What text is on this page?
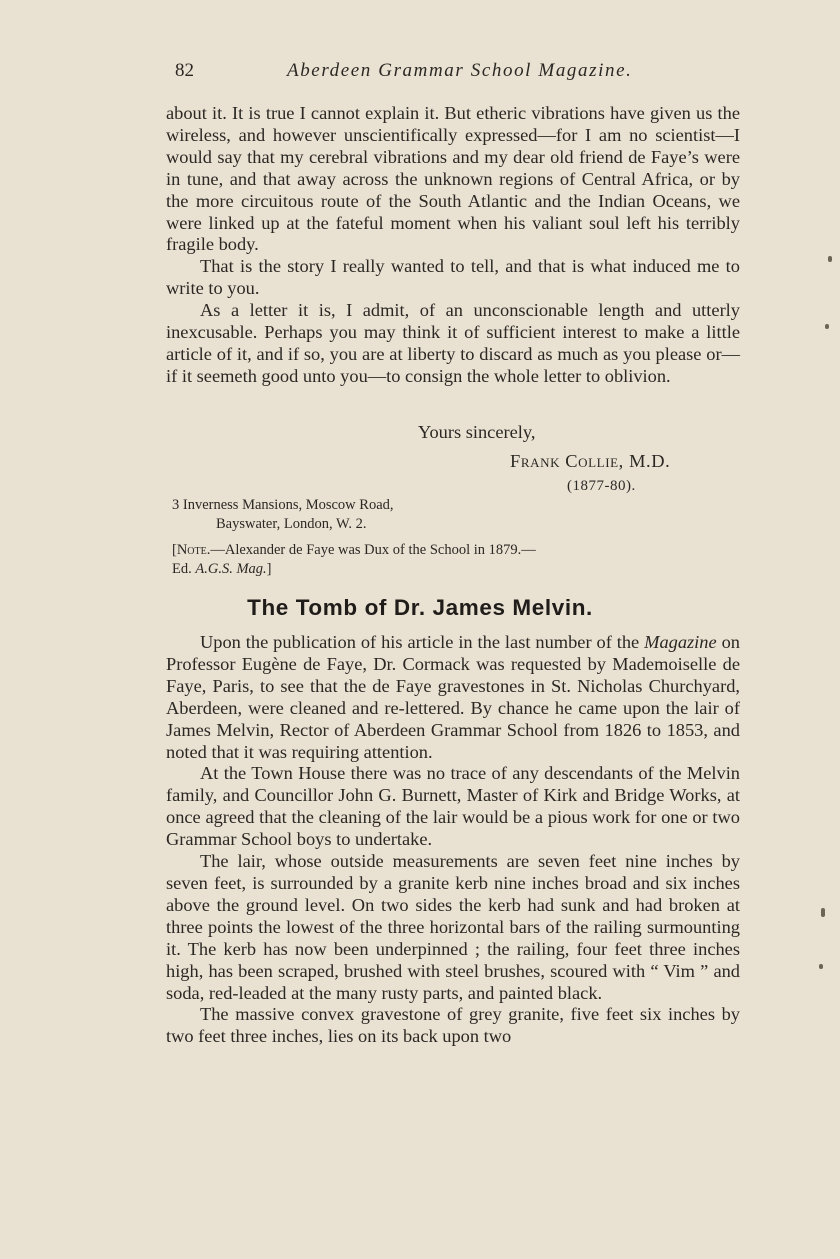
82	Aberdeen Grammar School Magazine.

about it. It is true I cannot explain it. But etheric vibrations have given us the wireless, and however unscientifically expressed—for I am no scientist—I would say that my cerebral vibrations and my dear old friend de Faye’s were in tune, and that away across the unknown regions of Central Africa, or by the more circuitous route of the South Atlantic and the Indian Oceans, we were linked up at the fateful moment when his valiant soul left his terribly fragile body.

That is the story I really wanted to tell, and that is what induced me to write to you.

As a letter it is, I admit, of an unconscionable length and utterly inexcusable. Perhaps you may think it of sufficient interest to make a little article of it, and if so, you are at liberty to discard as much as you please or—if it seemeth good unto you—to consign the whole letter to oblivion.

Yours sincerely,
Frank Collie, M.D.
(1877-80).
3 Inverness Mansions, Moscow Road,
Bayswater, London, W. 2.
[Note.—Alexander de Faye was Dux of the School in 1879.—
Ed. A.G.S. Mag.]
The Tomb of Dr. James Melvin.

Upon the publication of his article in the last number of the Magazine on Professor Eugène de Faye, Dr. Cormack was requested by Mademoiselle de Faye, Paris, to see that the de Faye gravestones in St. Nicholas Churchyard, Aberdeen, were cleaned and re-lettered. By chance he came upon the lair of James Melvin, Rector of Aberdeen Grammar School from 1826 to 1853, and noted that it was requiring attention.

At the Town House there was no trace of any descendants of the Melvin family, and Councillor John G. Burnett, Master of Kirk and Bridge Works, at once agreed that the cleaning of the lair would be a pious work for one or two Grammar School boys to undertake.

The lair, whose outside measurements are seven feet nine inches by seven feet, is surrounded by a granite kerb nine inches broad and six inches above the ground level. On two sides the kerb had sunk and had broken at three points the lowest of the three horizontal bars of the railing surmounting it. The kerb has now been underpinned ; the railing, four feet three inches high, has been scraped, brushed with steel brushes, scoured with “ Vim ” and soda, red-leaded at the many rusty parts, and painted black.

The massive convex gravestone of grey granite, five feet six inches by two feet three inches, lies on its back upon two
